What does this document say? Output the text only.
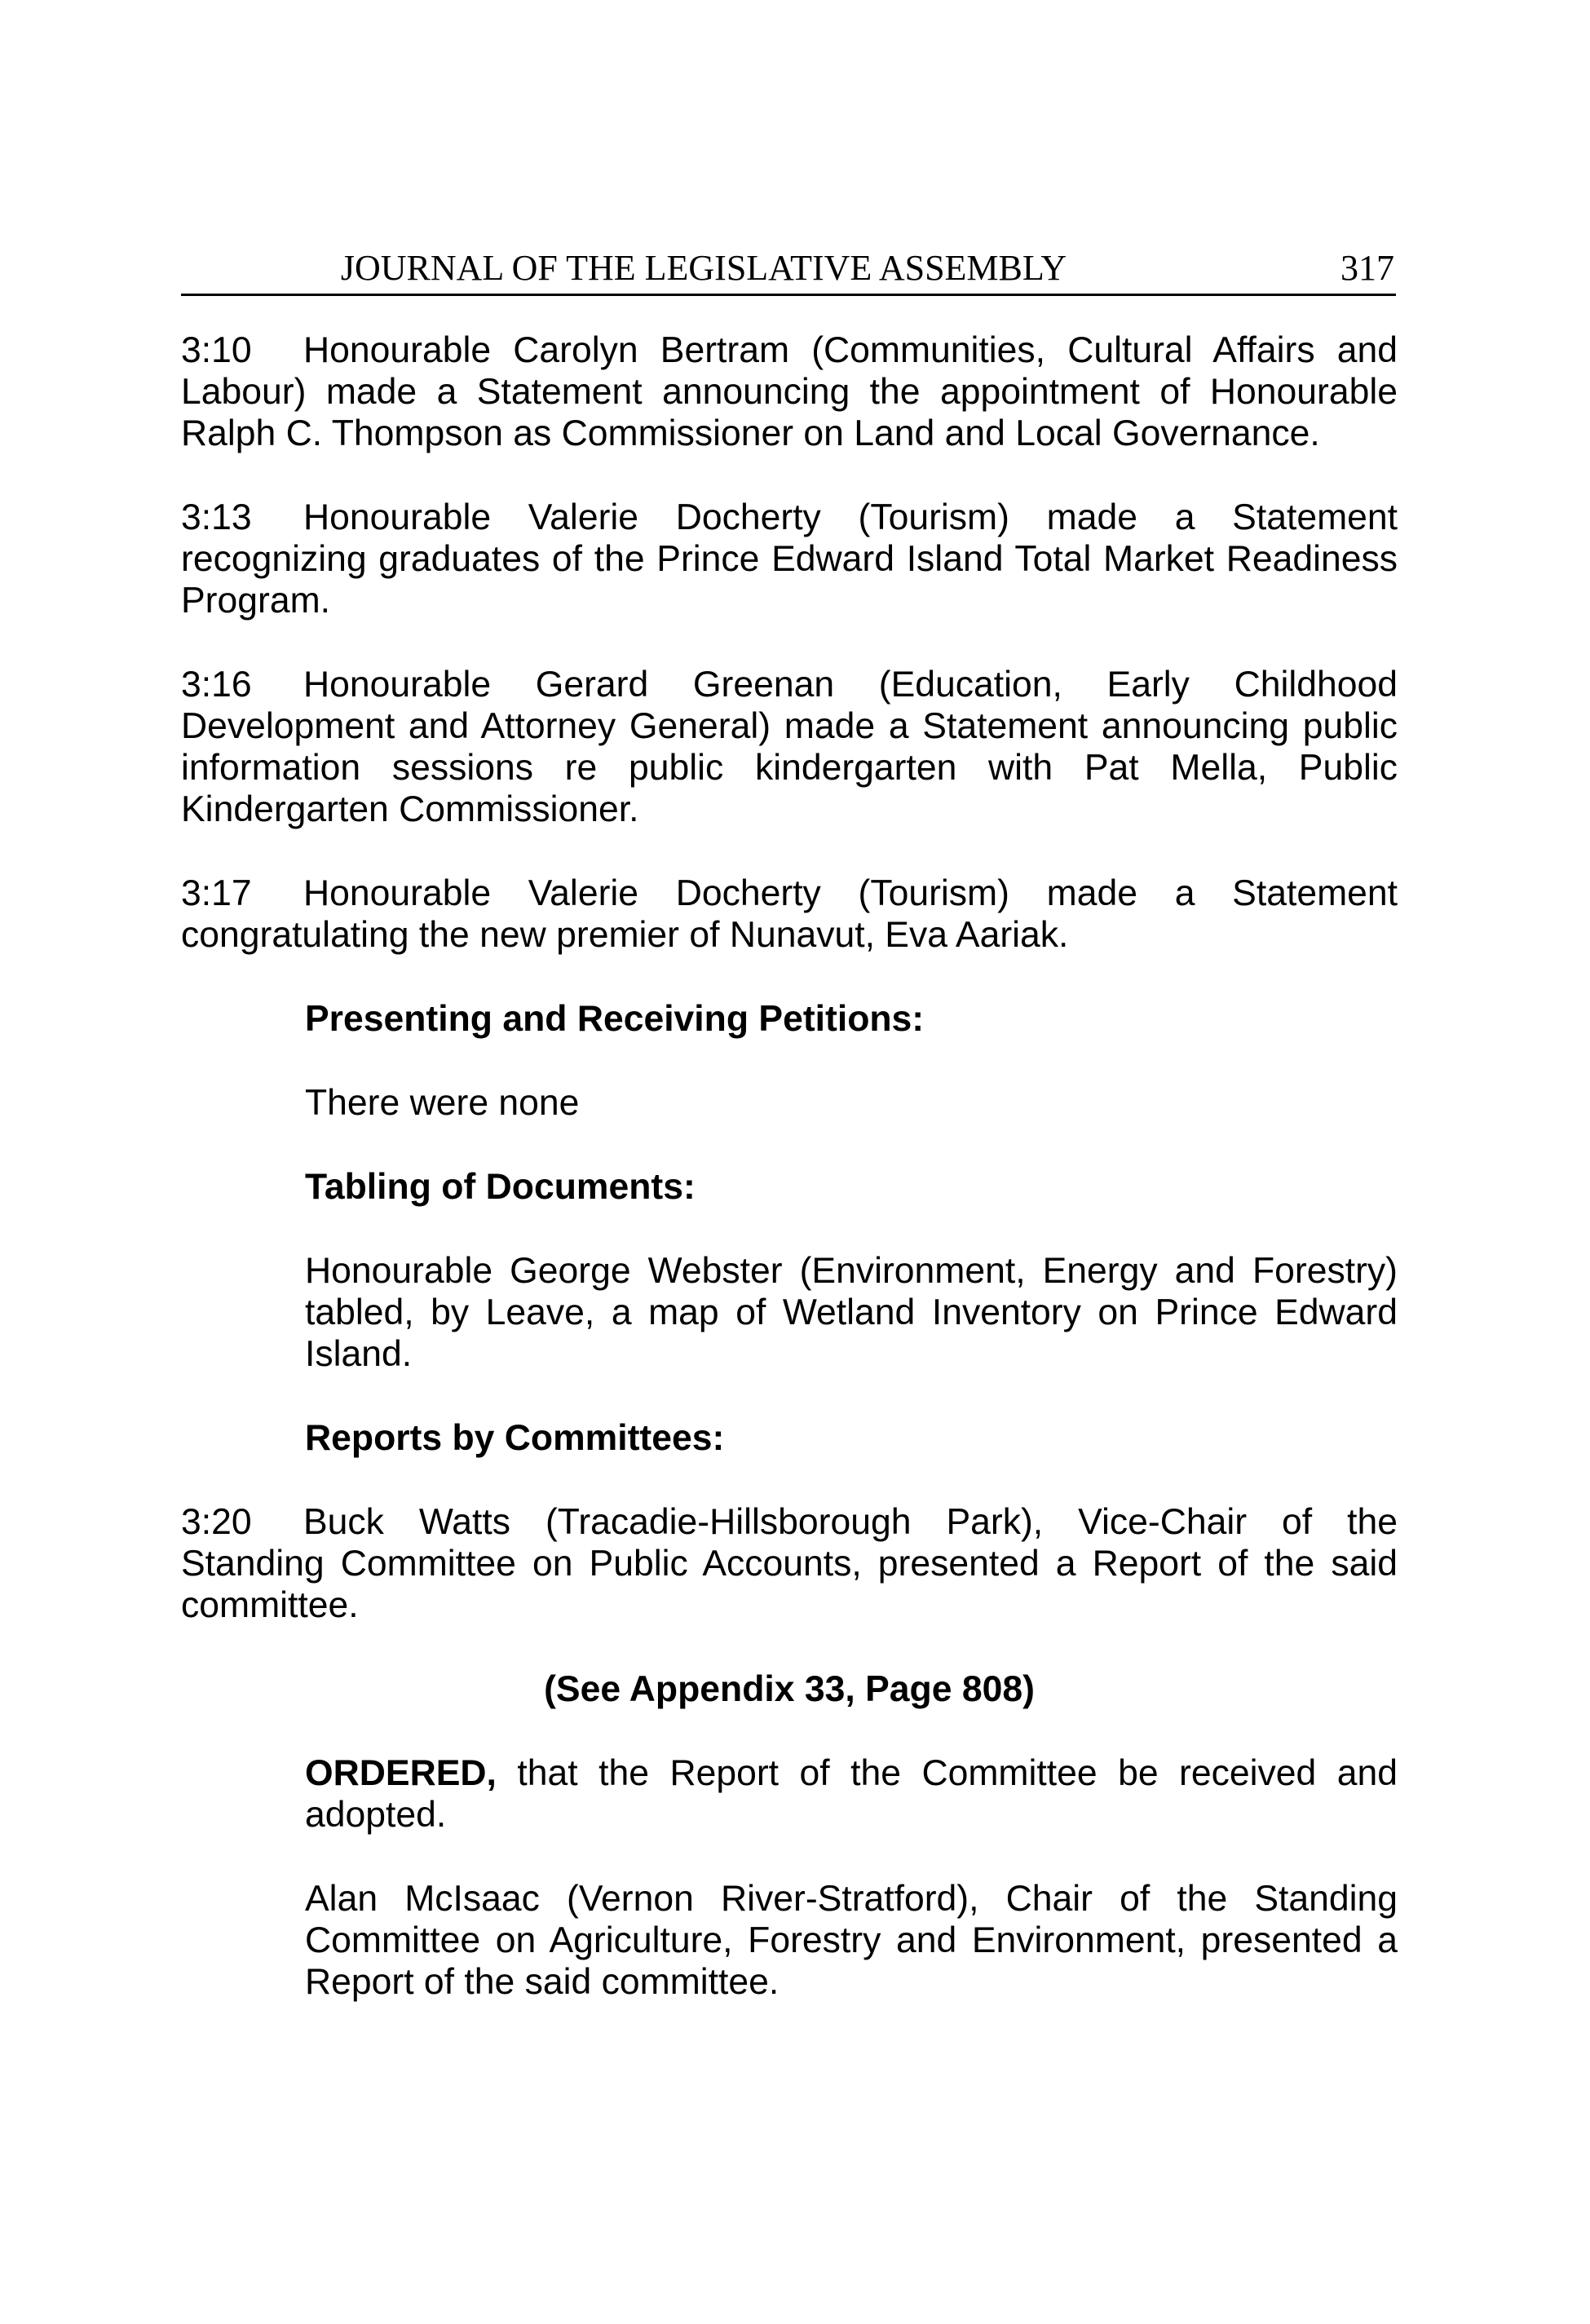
JOURNAL OF THE LEGISLATIVE ASSEMBLY	317

3:10 Honourable Carolyn Bertram (Communities, Cultural Affairs and Labour) made a Statement announcing the appointment of Honourable Ralph C. Thompson as Commissioner on Land and Local Governance.

3:13 Honourable Valerie Docherty (Tourism) made a Statement recognizing graduates of the Prince Edward Island Total Market Readiness Program.

3:16 Honourable Gerard Greenan (Education, Early Childhood Development and Attorney General) made a Statement announcing public information sessions re public kindergarten with Pat Mella, Public Kindergarten Commissioner.

3:17 Honourable Valerie Docherty (Tourism) made a Statement congratulating the new premier of Nunavut, Eva Aariak.

Presenting and Receiving Petitions:

There were none

Tabling of Documents:

Honourable George Webster (Environment, Energy and Forestry) tabled, by Leave, a map of Wetland Inventory on Prince Edward Island.

Reports by Committees:

3:20 Buck Watts (Tracadie-Hillsborough Park), Vice-Chair of the Standing Committee on Public Accounts, presented a Report of the said committee.

(See Appendix 33, Page 808)

ORDERED, that the Report of the Committee be received and adopted.

Alan McIsaac (Vernon River-Stratford), Chair of the Standing Committee on Agriculture, Forestry and Environment, presented a Report of the said committee.
